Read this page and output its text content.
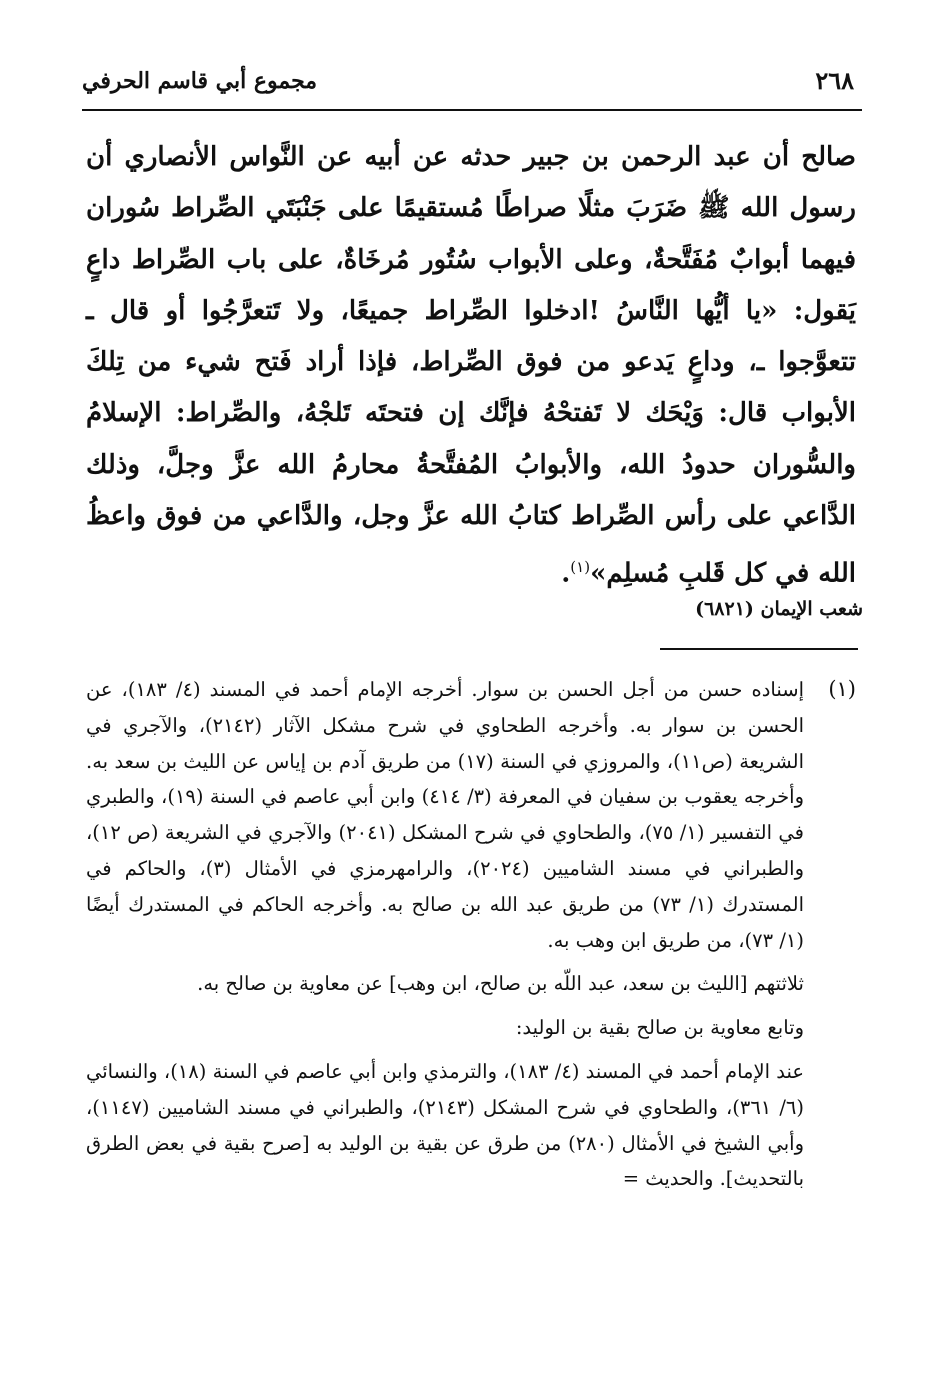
٢٦٨
مجموع أبي قاسم الحرفي

صالح أن عبد الرحمن بن جبير حدثه عن أبيه عن النَّواس الأنصاري أن رسول الله ﷺ ضَرَبَ مثلًا صراطًا مُستقيمًا على جَنْبَتَي الصِّراط سُوران فيهما أبوابٌ مُفَتَّحةٌ، وعلى الأبواب سُتُور مُرخَاةٌ، على باب الصِّراط داعٍ يَقول: «يا أيُّها النَّاسُ !ادخلوا الصِّراط جميعًا، ولا تَتعرَّجُوا أو قال ـ تتعوَّجوا ـ، وداعٍ يَدعو من فوق الصِّراط، فإذا أراد فَتح شيء من تِلكَ الأبواب قال: وَيْحَك لا تَفتحْهُ فإنَّك إن فتحتَه تَلجْهُ، والصِّراط: الإسلامُ والسُّوران حدودُ الله، والأبوابُ المُفتَّحةُ محارمُ الله عزَّ وجلَّ، وذلك الدَّاعي على رأس الصِّراط كتابُ الله عزَّ وجل، والدَّاعي من فوق واعظُ الله في كل قَلبِ مُسلِم»$^{(١)}$.

شعب الإيمان (٦٨٢١)
(١)
إسناده حسن من أجل الحسن بن سوار. أخرجه الإمام أحمد في المسند (٤/ ١٨٣)، عن الحسن بن سوار به. وأخرجه الطحاوي في شرح مشكل الآثار (٢١٤٢)، والآجري في الشريعة (ص١١)، والمروزي في السنة (١٧) من طريق آدم بن إياس عن الليث بن سعد به. وأخرجه يعقوب بن سفيان في المعرفة (٣/ ٤١٤) وابن أبي عاصم في السنة (١٩)، والطبري في التفسير (١/ ٧٥)، والطحاوي في شرح المشكل (٢٠٤١) والآجري في الشريعة (ص ١٢)، والطبراني في مسند الشاميين (٢٠٢٤)، والرامهرمزي في الأمثال (٣)، والحاكم في المستدرك (١/ ٧٣) من طريق عبد الله بن صالح به. وأخرجه الحاكم في المستدرك أيضًا (١/ ٧٣)، من طريق ابن وهب به.
ثلاثتهم [الليث بن سعد، عبد اللّه بن صالح، ابن وهب] عن معاوية بن صالح به.
وتابع معاوية بن صالح بقية بن الوليد:
عند الإمام أحمد في المسند (٤/ ١٨٣)، والترمذي وابن أبي عاصم في السنة (١٨)، والنسائي (٦/ ٣٦١)، والطحاوي في شرح المشكل (٢١٤٣)، والطبراني في مسند الشاميين (١١٤٧)، وأبي الشيخ في الأمثال (٢٨٠) من طرق عن بقية بن الوليد به [صرح بقية في بعض الطرق بالتحديث]. والحديث =
